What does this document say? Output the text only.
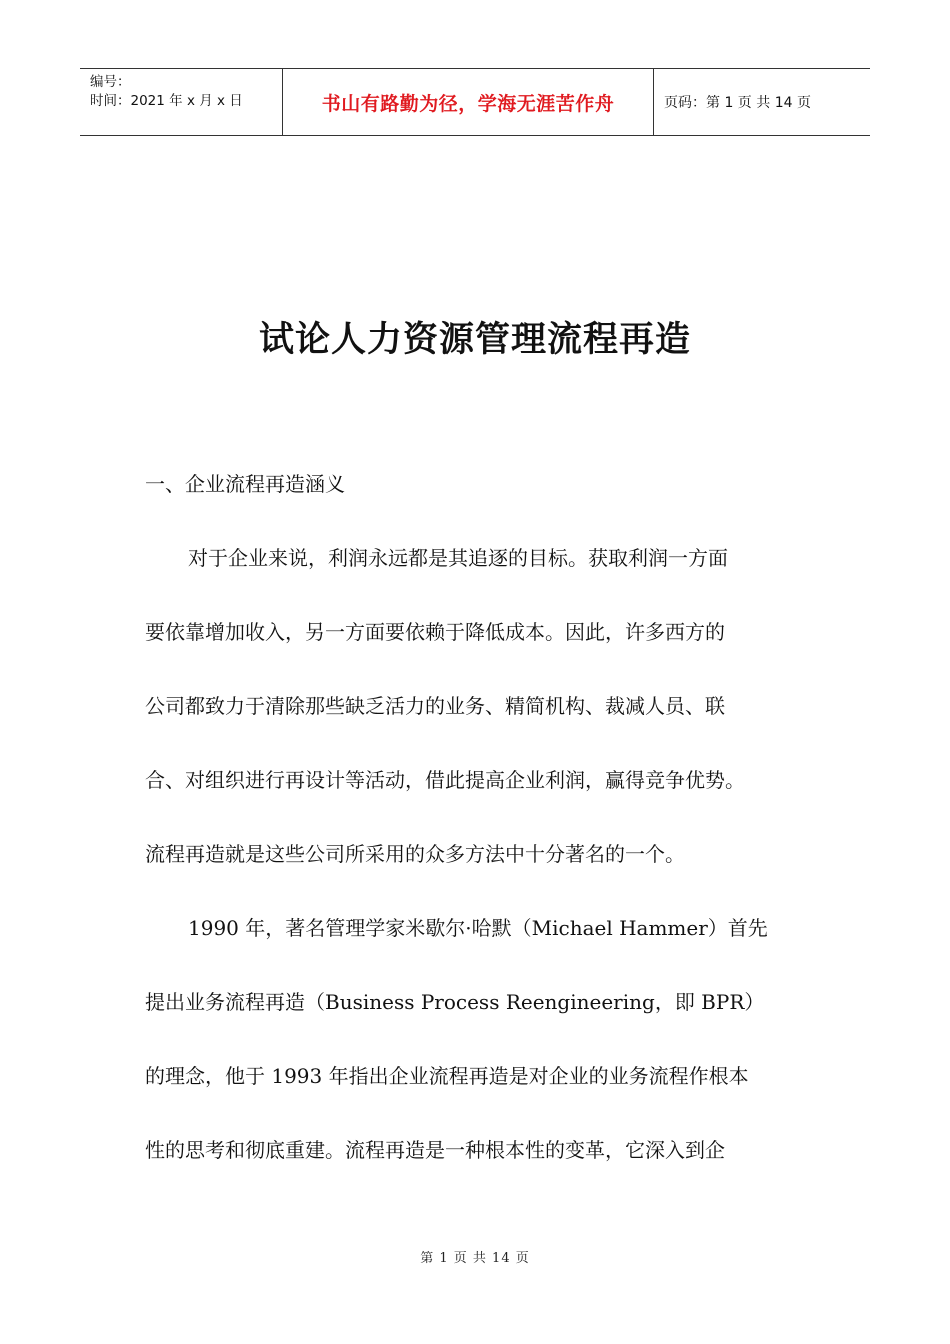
编号：
时间：2021 年 x 月 x 日	书山有路勤为径，学海无涯苦作舟	页码：第 1 页 共 14 页
试论人力资源管理流程再造
一、企业流程再造涵义
对于企业来说，利润永远都是其追逐的目标。获取利润一方面
要依靠增加收入，另一方面要依赖于降低成本。因此，许多西方的
公司都致力于清除那些缺乏活力的业务、精简机构、裁减人员、联
合、对组织进行再设计等活动，借此提高企业利润，赢得竞争优势。
流程再造就是这些公司所采用的众多方法中十分著名的一个。
1990 年，著名管理学家米歇尔·哈默（Michael Hammer）首先
提出业务流程再造（Business Process Reengineering，即 BPR）
的理念，他于 1993 年指出企业流程再造是对企业的业务流程作根本
性的思考和彻底重建。流程再造是一种根本性的变革，它深入到企
第 1 页 共 14 页
